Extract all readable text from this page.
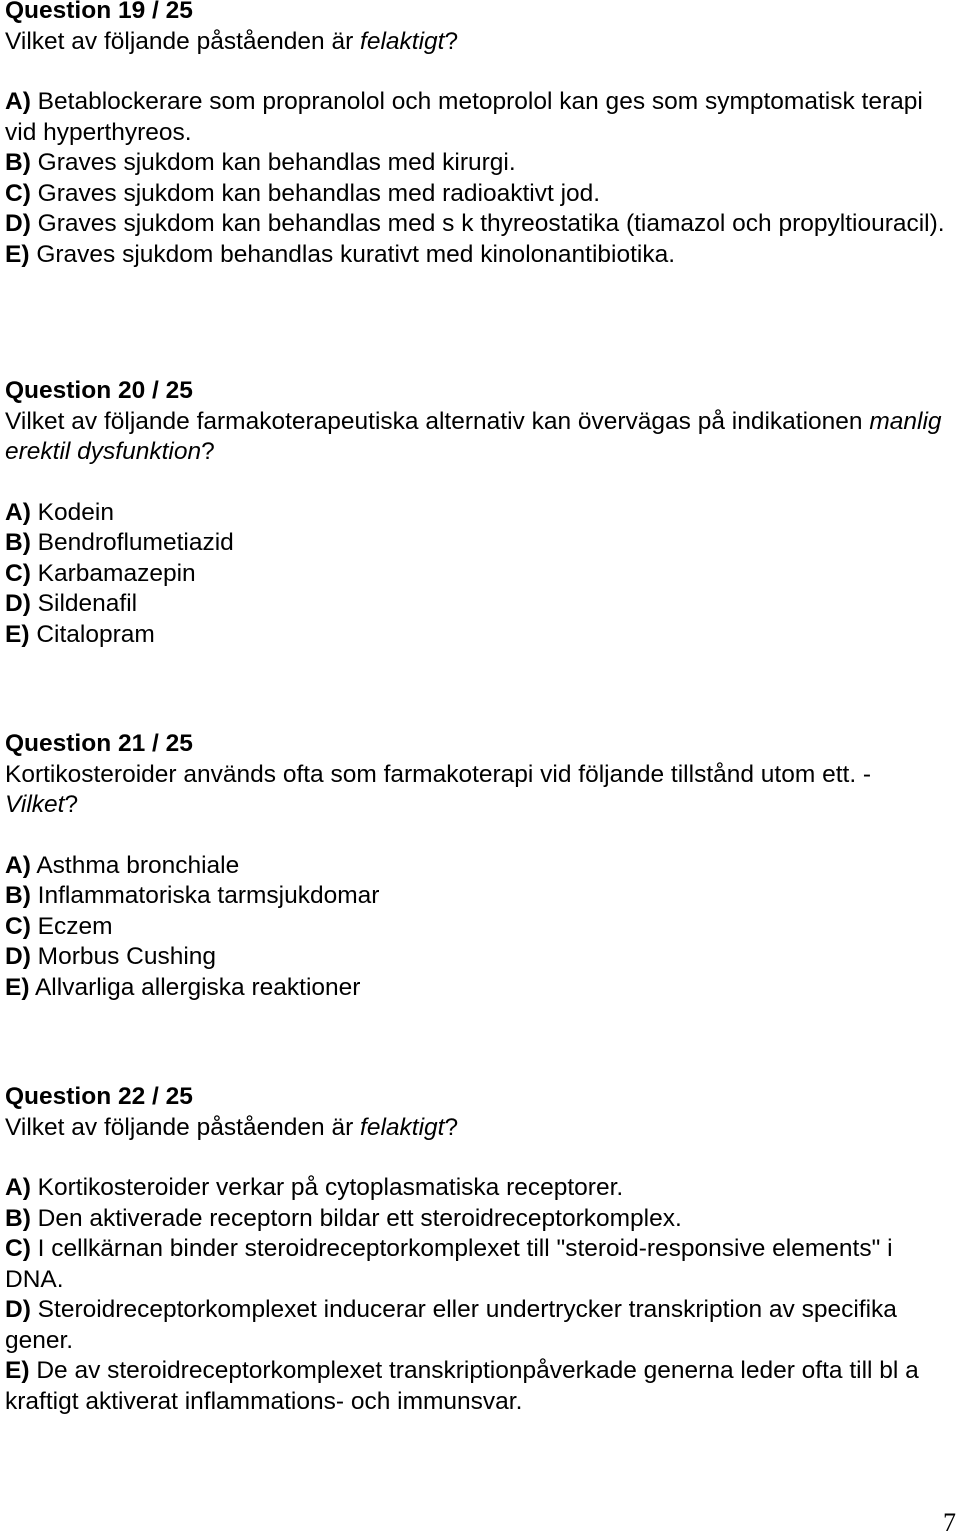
Question 19 / 25
Vilket av följande påståenden är felaktigt?
A) Betablockerare som propranolol och metoprolol kan ges som symptomatisk terapi vid hyperthyreos.
B) Graves sjukdom kan behandlas med kirurgi.
C) Graves sjukdom kan behandlas med radioaktivt jod.
D) Graves sjukdom kan behandlas med s k thyreostatika (tiamazol och propyltiouracil).
E) Graves sjukdom behandlas kurativt med kinolonantibiotika.
Question 20 / 25
Vilket av följande farmakoterapeutiska alternativ kan övervägas på indikationen manlig erektil dysfunktion?
A) Kodein
B) Bendroflumetiazid
C) Karbamazepin
D) Sildenafil
E) Citalopram
Question 21 / 25
Kortikosteroider används ofta som farmakoterapi vid följande tillstånd utom ett. - Vilket?
A) Asthma bronchiale
B) Inflammatoriska tarmsjukdomar
C) Eczem
D) Morbus Cushing
E) Allvarliga allergiska reaktioner
Question 22 / 25
Vilket av följande påståenden är felaktigt?
A) Kortikosteroider verkar på cytoplasmatiska receptorer.
B) Den aktiverade receptorn bildar ett steroidreceptorkomplex.
C) I cellkärnan binder steroidreceptorkomplexet till "steroid-responsive elements" i DNA.
D) Steroidreceptorkomplexet inducerar eller undertrycker transkription av specifika gener.
E) De av steroidreceptorkomplexet transkriptionpåverkade generna leder ofta till bl a kraftigt aktiverat inflammations- och immunsvar.
7
